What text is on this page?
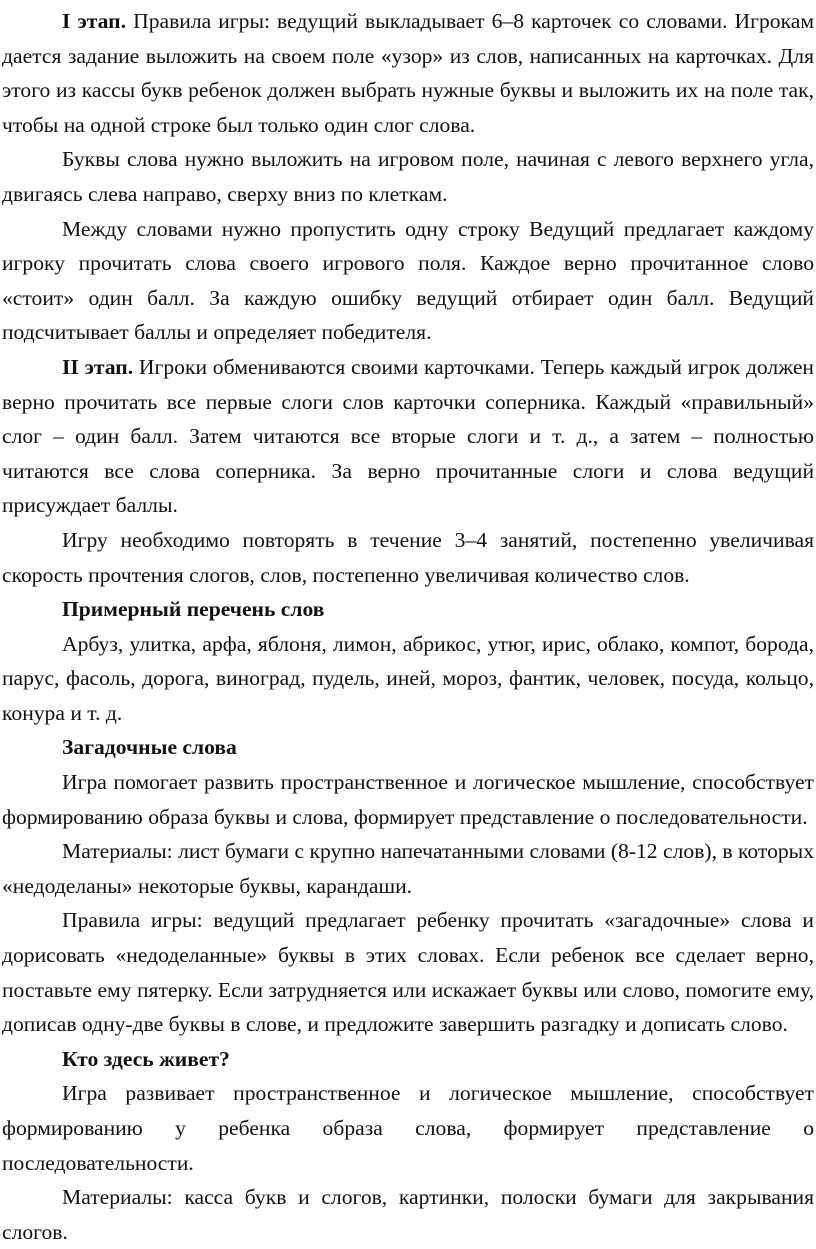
I этап. Правила игры: ведущий выкладывает 6–8 карточек со словами. Игрокам дается задание выложить на своем поле «узор» из слов, написанных на карточках. Для этого из кассы букв ребенок должен выбрать нужные буквы и выложить их на поле так, чтобы на одной строке был только один слог слова.

Буквы слова нужно выложить на игровом поле, начиная с левого верхнего угла, двигаясь слева направо, сверху вниз по клеткам.

Между словами нужно пропустить одну строку Ведущий предлагает каждому игроку прочитать слова своего игрового поля. Каждое верно прочитанное слово «стоит» один балл. За каждую ошибку ведущий отбирает один балл. Ведущий подсчитывает баллы и определяет победителя.

II этап. Игроки обмениваются своими карточками. Теперь каждый игрок должен верно прочитать все первые слоги слов карточки соперника. Каждый «правильный» слог – один балл. Затем читаются все вторые слоги и т. д., а затем – полностью читаются все слова соперника. За верно прочитанные слоги и слова ведущий присуждает баллы.

Игру необходимо повторять в течение 3–4 занятий, постепенно увеличивая скорость прочтения слогов, слов, постепенно увеличивая количество слов.

Примерный перечень слов

Арбуз, улитка, арфа, яблоня, лимон, абрикос, утюг, ирис, облако, компот, борода, парус, фасоль, дорога, виноград, пудель, иней, мороз, фантик, человек, посуда, кольцо, конура и т. д.

Загадочные слова

Игра помогает развить пространственное и логическое мышление, способствует формированию образа буквы и слова, формирует представление о последовательности.

Материалы: лист бумаги с крупно напечатанными словами (8-12 слов), в которых «недоделаны» некоторые буквы, карандаши.

Правила игры: ведущий предлагает ребенку прочитать «загадочные» слова и дорисовать «недоделанные» буквы в этих словах. Если ребенок все сделает верно, поставьте ему пятерку. Если затрудняется или искажает буквы или слово, помогите ему, дописав одну-две буквы в слове, и предложите завершить разгадку и дописать слово.

Кто здесь живет?

Игра развивает пространственное и логическое мышление, способствует формированию у ребенка образа слова, формирует представление о последовательности.

Материалы: касса букв и слогов, картинки, полоски бумаги для закрывания слогов.
